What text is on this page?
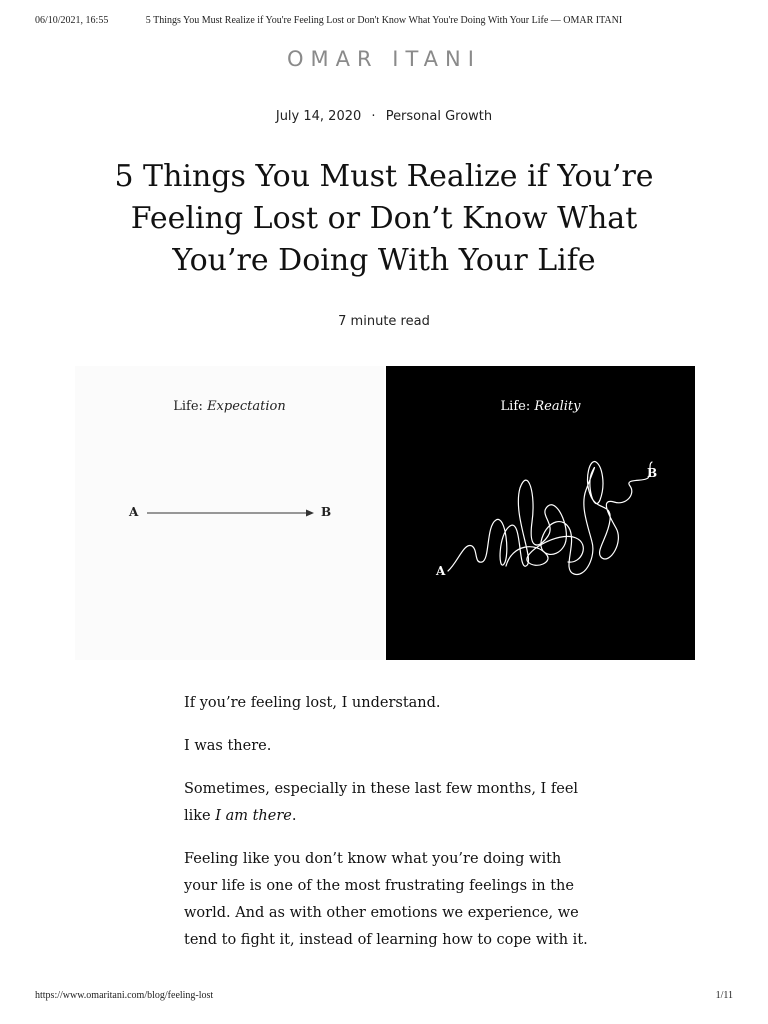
06/10/2021, 16:55	5 Things You Must Realize if You're Feeling Lost or Don't Know What You're Doing With Your Life — OMAR ITANI
OMAR ITANI
July 14, 2020 · Personal Growth
5 Things You Must Realize if You’re Feeling Lost or Don’t Know What You’re Doing With Your Life
7 minute read
Life: Expectation
A	B
Life: Reality
A
B

If you’re feeling lost, I understand.

I was there.

Sometimes, especially in these last few months, I feel like I am there.

Feeling like you don’t know what you’re doing with your life is one of the most frustrating feelings in the world. And as with other emotions we experience, we tend to fight it, instead of learning how to cope with it.

https://www.omaritani.com/blog/feeling-lost	1/11
